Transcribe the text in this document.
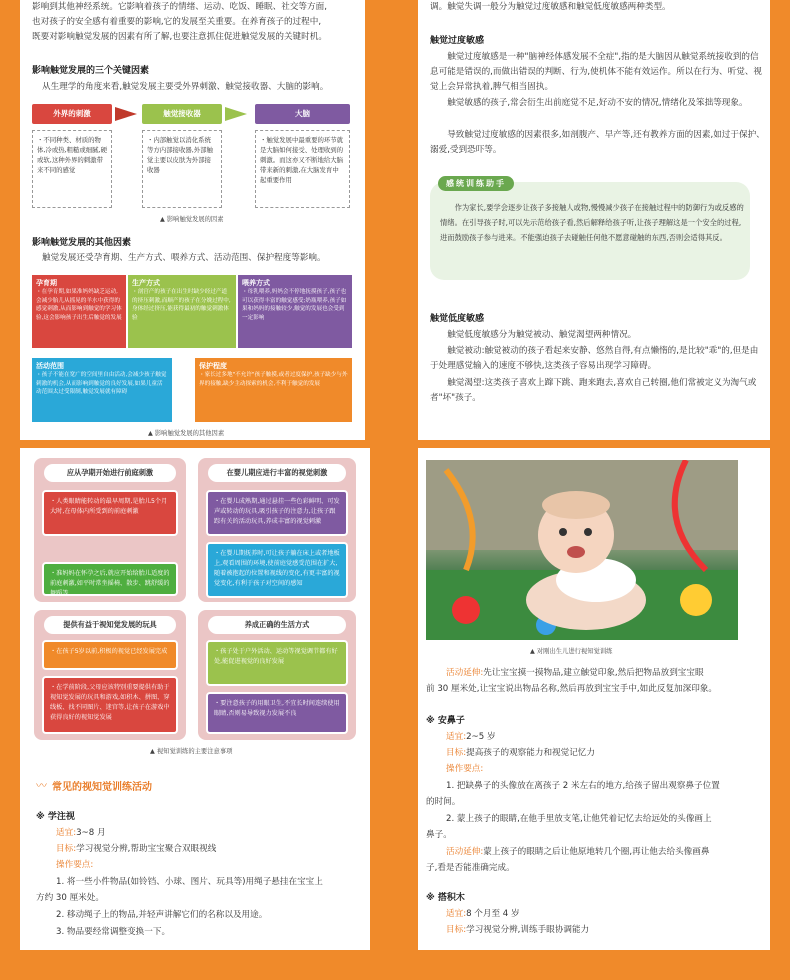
影响到其他神经系统。它影响着孩子的情绪、运动、吃饭、睡眠、社交等方面,

也对孩子的安全感有着重要的影响,它的发展至关重要。在养育孩子的过程中,

既要对影响触觉发展的因素有所了解,也要注意抓住促进触觉发展的关键时机。

影响触觉发展的三个关键因素

从生理学的角度来看,触觉发展主要受外界刺激、触觉接收器、大脑的影响。

外界的刺激
・不同种类、材质的物体,冷或热,粗糙或细腻,硬或软,这种外界的刺激带来不同的感觉
触觉接收器
・内部触觉以消化系统等方内部接收器,外部触觉主要以皮肤为外部接收器
大脑
・触觉发展中最重要的环节就是大脑如何接受、处理收到的刺激。而这亦又不断地给大脑带来新的刺激,在大脑发育中起重要作用
▲ 影响触觉发展的因素
影响触觉发展的其他因素

触觉发展还受孕育期、生产方式、喂养方式、活动范围、保护程度等影响。

孕育期
・在孕育期,如果准妈妈缺乏运动,会减少胎儿从摇晃的羊水中获得的感觉刺激,从而影响到触觉的学习体验,这会影响孩子出生后触觉的发展
生产方式
・剖宫产的孩子在出生时缺少经过产道的挤压刺激,而顺产的孩子在分娩过程中,身体经过挤压,能获得最初的触觉刺激体验
喂养方式
・母乳喂养,妈妈会不停地抚摸孩子,孩子也可以获得丰富的触觉感受;奶瓶喂养,孩子如果和妈妈的接触较少,触觉的发展也会受到一定影响
活动范围
・孩子不能在宽广的空间里自由活动,会减少孩子触觉刺激的机会,从而影响到触觉的良好发展,如果儿童活动范围太过受限制,触觉发展就有障碍
保护程度
・家长过多地"不允许"孩子触摸,或者过度保护,孩子缺少与外界的接触,缺少主动探索的机会,不利于触觉的发展
▲ 影响触觉发展的其他因素

调。触觉失调一般分为触觉过度敏感和触觉低度敏感两种类型。

触觉过度敏感

触觉过度敏感是一种"脑神经体感发展不全症",指的是大脑因从触觉系统接收到的信息可能是错误的,而做出错误的判断、行为,使机体不能有效运作。所以在行为、听觉、视觉上会异常执着,脾气相当固执。

触觉敏感的孩子,常会衍生出前庭觉不足,好动不安的情况,情绪化及笨拙等现象。

导致触觉过度敏感的因素很多,如剖腹产、早产等,还有教养方面的因素,如过于保护、溺爱,受到恐吓等。

感统训练助手
作为家长,要学会逐步让孩子多接触人或物,慢慢减少孩子在接触过程中的防御行为或反感的情绪。在引导孩子时,可以先示范给孩子看,然后解释给孩子听,让孩子理解这是一个安全的过程,进而鼓励孩子参与进来。不能强迫孩子去碰触任何他不愿意碰触的东西,否则会适得其反。
触觉低度敏感

触觉低度敏感分为触觉被动、触觉渴望两种情况。

触觉被动:触觉被动的孩子看起来安静、悠然自得,有点懒惰的,是比较"乖"的,但是由于处理感觉输入的速度不够快,这类孩子容易出现学习障碍。

触觉渴望:这类孩子喜欢上蹿下跳、跑来跑去,喜欢自己转圈,他们常被定义为淘气或者"坏"孩子。

应从孕期开始进行前庭刺激
・人类眼睛能转动的最早周期,是胎儿5个月大时,在母体内所受到的前庭刺激
・准妈妈在怀孕之后,就应开始给胎儿适度的前庭刺激,如平时常坐摇椅、散步、跳舒缓的舞蹈等
在婴儿期应进行丰富的视觉刺激
・在婴儿成熟期,通过悬挂一些色彩鲜明、可发声或转动的玩具,吸引孩子的注意力,让孩子跟踪有关的活动玩具,养成丰富的视觉刺激
・在婴儿期抚养时,可让孩子躺在床上或者地板上,观看周围的环境,使前庭觉感受范围在扩大,随着被抱起的位置和视线的变化,有更丰富的视觉变化,有利于孩子对空间的感知
提供有益于视知觉发展的玩具
・在孩子5岁以前,积极的视觉已经发展完成
・在学前阶段,父母应该特别重要提供有助于视知觉发展的玩具和游戏,如积木、拼图、穿线板、找不同图片、迷宫等,让孩子在游戏中获得良好的视知觉发展
养成正确的生活方式
・孩子处于户外活动、运动等视觉调节都有好处,能促进视觉的良好发展
・要注意孩子的用眼卫生,不宜长时间连续使用眼睛,否则易导致视力发展不良
▲ 视知觉训练的主要注意事项
〰 常见的视知觉训练活动
※ 学注视

适宜:3~8 月

目标:学习视觉分辨,帮助宝宝聚合双眼视线

操作要点:

1. 将一些小件物品(如铃铛、小球、图片、玩具等)用绳子悬挂在宝宝上

方约 30 厘米处。

2. 移动绳子上的物品,并轻声讲解它们的名称以及用途。

3. 物品要经常调整变换一下。

▲ 对刚出生儿进行视知觉训练

活动延伸:先让宝宝摸一摸物品,建立触觉印象,然后把物品放到宝宝眼

前 30 厘米处,让宝宝说出物品名称,然后再放到宝宝手中,如此反复加深印象。

※ 安鼻子

适宜:2~5 岁

目标:提高孩子的观察能力和视觉记忆力

操作要点:

1. 把缺鼻子的头像放在离孩子 2 米左右的地方,给孩子留出观察鼻子位置

的时间。

2. 蒙上孩子的眼睛,在他手里放支笔,让他凭着记忆去给远处的头像画上

鼻子。

活动延伸:蒙上孩子的眼睛之后让他原地转几个圈,再让他去给头像画鼻

子,看是否能准确完成。

※ 搭积木

适宜:8 个月至 4 岁

目标:学习视觉分辨,训练手眼协调能力
